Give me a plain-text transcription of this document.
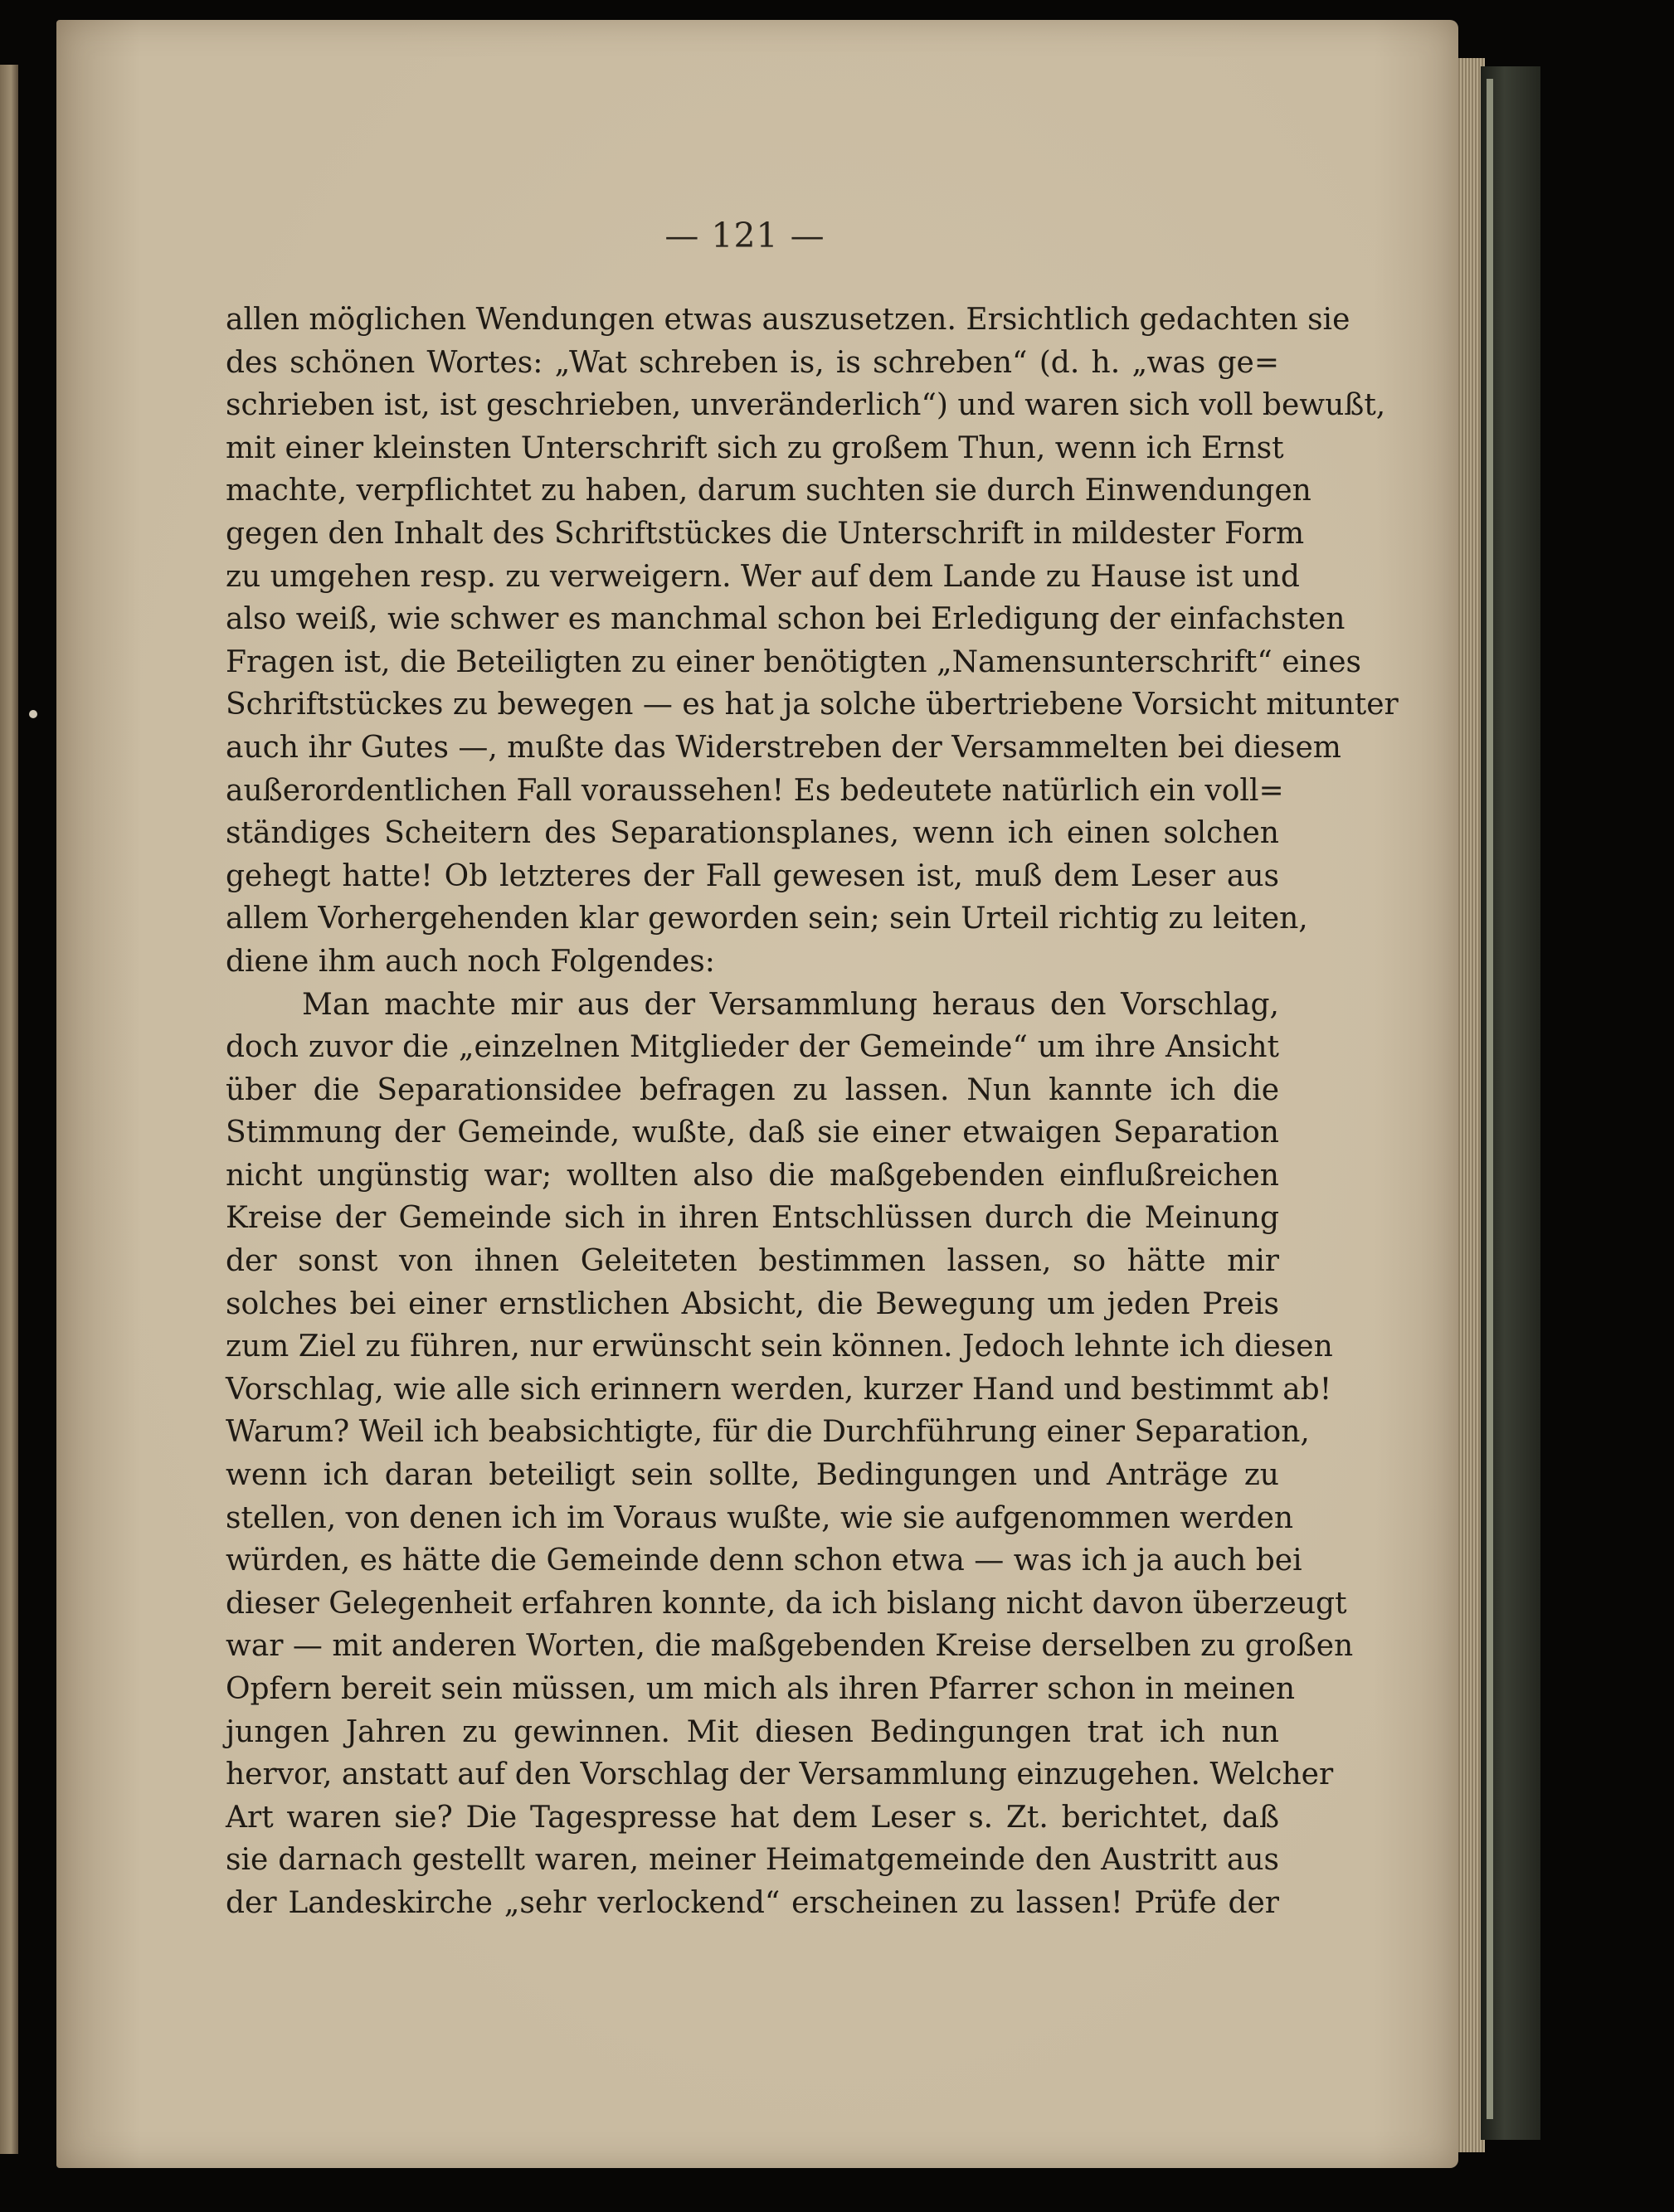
— 121 —
allen möglichen Wendungen etwas auszusetzen. Ersichtlich gedachten sie
des schönen Wortes: „Wat schreben is, is schreben“ (d. h. „was ge=
schrieben ist, ist geschrieben, unveränderlich“) und waren sich voll bewußt,
mit einer kleinsten Unterschrift sich zu großem Thun, wenn ich Ernst
machte, verpflichtet zu haben, darum suchten sie durch Einwendungen
gegen den Inhalt des Schriftstückes die Unterschrift in mildester Form
zu umgehen resp. zu verweigern. Wer auf dem Lande zu Hause ist und
also weiß, wie schwer es manchmal schon bei Erledigung der einfachsten
Fragen ist, die Beteiligten zu einer benötigten „Namensunterschrift“ eines
Schriftstückes zu bewegen — es hat ja solche übertriebene Vorsicht mitunter
auch ihr Gutes —, mußte das Widerstreben der Versammelten bei diesem
außerordentlichen Fall voraussehen! Es bedeutete natürlich ein voll=
ständiges Scheitern des Separationsplanes, wenn ich einen solchen
gehegt hatte! Ob letzteres der Fall gewesen ist, muß dem Leser aus
allem Vorhergehenden klar geworden sein; sein Urteil richtig zu leiten,
diene ihm auch noch Folgendes:
Man machte mir aus der Versammlung heraus den Vorschlag,
doch zuvor die „einzelnen Mitglieder der Gemeinde“ um ihre Ansicht
über die Separationsidee befragen zu lassen. Nun kannte ich die
Stimmung der Gemeinde, wußte, daß sie einer etwaigen Separation
nicht ungünstig war; wollten also die maßgebenden einflußreichen
Kreise der Gemeinde sich in ihren Entschlüssen durch die Meinung
der sonst von ihnen Geleiteten bestimmen lassen, so hätte mir
solches bei einer ernstlichen Absicht, die Bewegung um jeden Preis
zum Ziel zu führen, nur erwünscht sein können. Jedoch lehnte ich diesen
Vorschlag, wie alle sich erinnern werden, kurzer Hand und bestimmt ab!
Warum? Weil ich beabsichtigte, für die Durchführung einer Separation,
wenn ich daran beteiligt sein sollte, Bedingungen und Anträge zu
stellen, von denen ich im Voraus wußte, wie sie aufgenommen werden
würden, es hätte die Gemeinde denn schon etwa — was ich ja auch bei
dieser Gelegenheit erfahren konnte, da ich bislang nicht davon überzeugt
war — mit anderen Worten, die maßgebenden Kreise derselben zu großen
Opfern bereit sein müssen, um mich als ihren Pfarrer schon in meinen
jungen Jahren zu gewinnen. Mit diesen Bedingungen trat ich nun
hervor, anstatt auf den Vorschlag der Versammlung einzugehen. Welcher
Art waren sie? Die Tagespresse hat dem Leser s. Zt. berichtet, daß
sie darnach gestellt waren, meiner Heimatgemeinde den Austritt aus
der Landeskirche „sehr verlockend“ erscheinen zu lassen! Prüfe der
